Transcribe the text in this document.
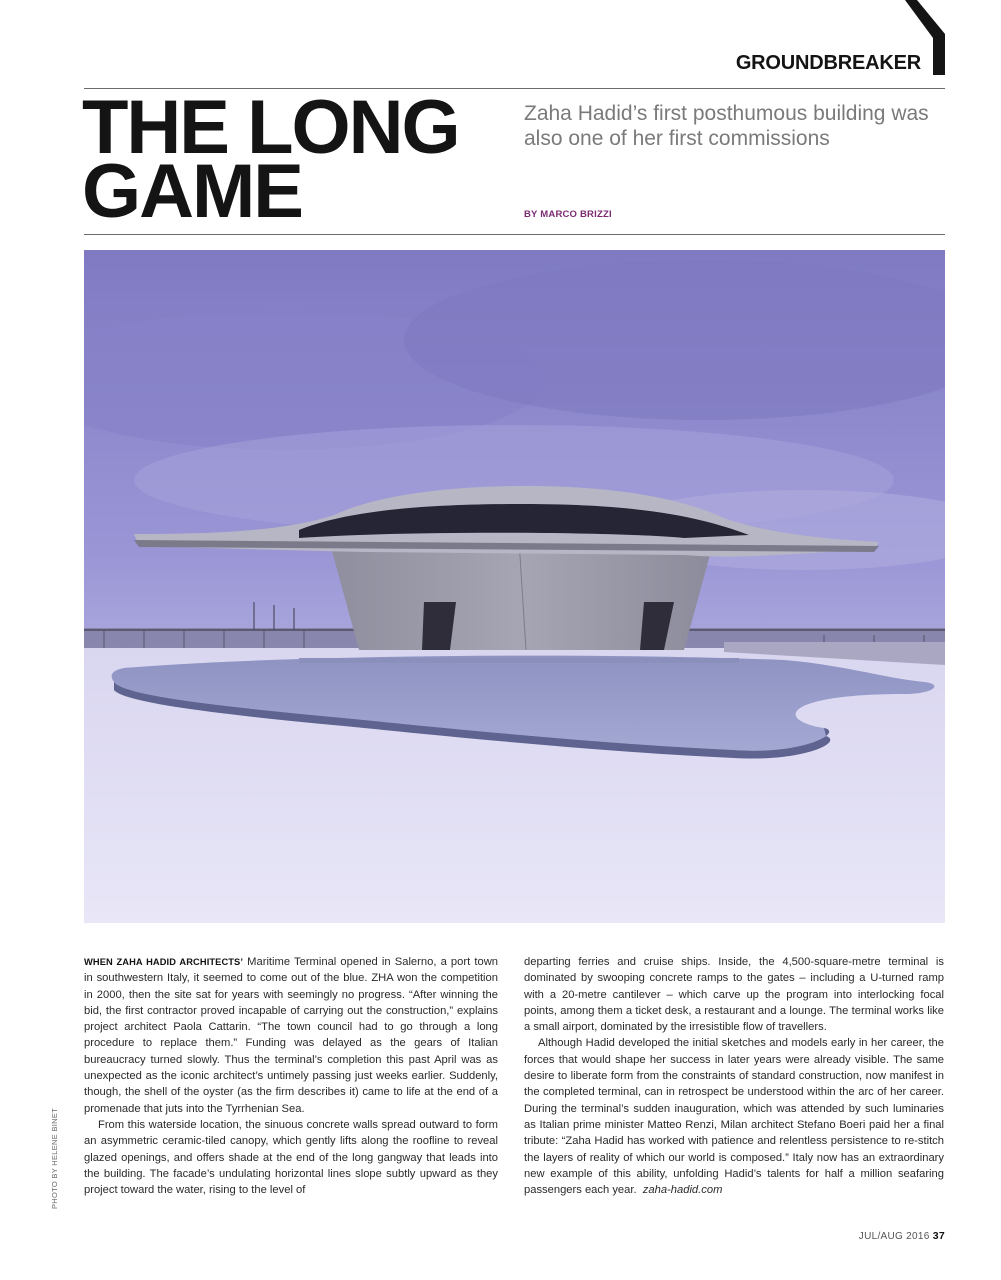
GROUNDBREAKER
THE LONG
GAME

Zaha Hadid’s first posthumous building was also one of her first commissions

BY MARCO BRIZZI
PHOTO BY HELENE BINET

WHEN ZAHA HADID ARCHITECTS’ Maritime Terminal opened in Salerno, a port town in southwestern Italy, it seemed to come out of the blue. ZHA won the competition in 2000, then the site sat for years with seemingly no progress. “After winning the bid, the first contractor proved incapable of carrying out the construction,” explains project architect Paola Cattarin. “The town council had to go through a long procedure to replace them.” Funding was delayed as the gears of Italian bureaucracy turned slowly. Thus the terminal’s completion this past April was as unexpected as the iconic architect’s untimely passing just weeks earlier. Suddenly, though, the shell of the oyster (as the firm describes it) came to life at the end of a promenade that juts into the Tyrrhenian Sea.

From this waterside location, the sinuous concrete walls spread outward to form an asymmetric ceramic-tiled canopy, which gently lifts along the roofline to reveal glazed openings, and offers shade at the end of the long gangway that leads into the building. The facade’s undulating horizontal lines slope subtly upward as they project toward the water, rising to the level of

departing ferries and cruise ships. Inside, the 4,500-square-metre terminal is dominated by swooping concrete ramps to the gates – including a U-turned ramp with a 20-metre cantilever – which carve up the program into interlocking focal points, among them a ticket desk, a restaurant and a lounge. The terminal works like a small airport, dominated by the irresistible flow of travellers.

Although Hadid developed the initial sketches and models early in her career, the forces that would shape her success in later years were already visible. The same desire to liberate form from the constraints of standard construction, now manifest in the completed terminal, can in retrospect be understood within the arc of her career. During the terminal’s sudden inauguration, which was attended by such luminaries as Italian prime minister Matteo Renzi, Milan architect Stefano Boeri paid her a final tribute: “Zaha Hadid has worked with patience and relentless persistence to re-stitch the layers of reality of which our world is composed.” Italy now has an extraordinary new example of this ability, unfolding Hadid’s talents for half a million seafaring passengers each year. zaha-hadid.com

JUL/AUG 2016 37
